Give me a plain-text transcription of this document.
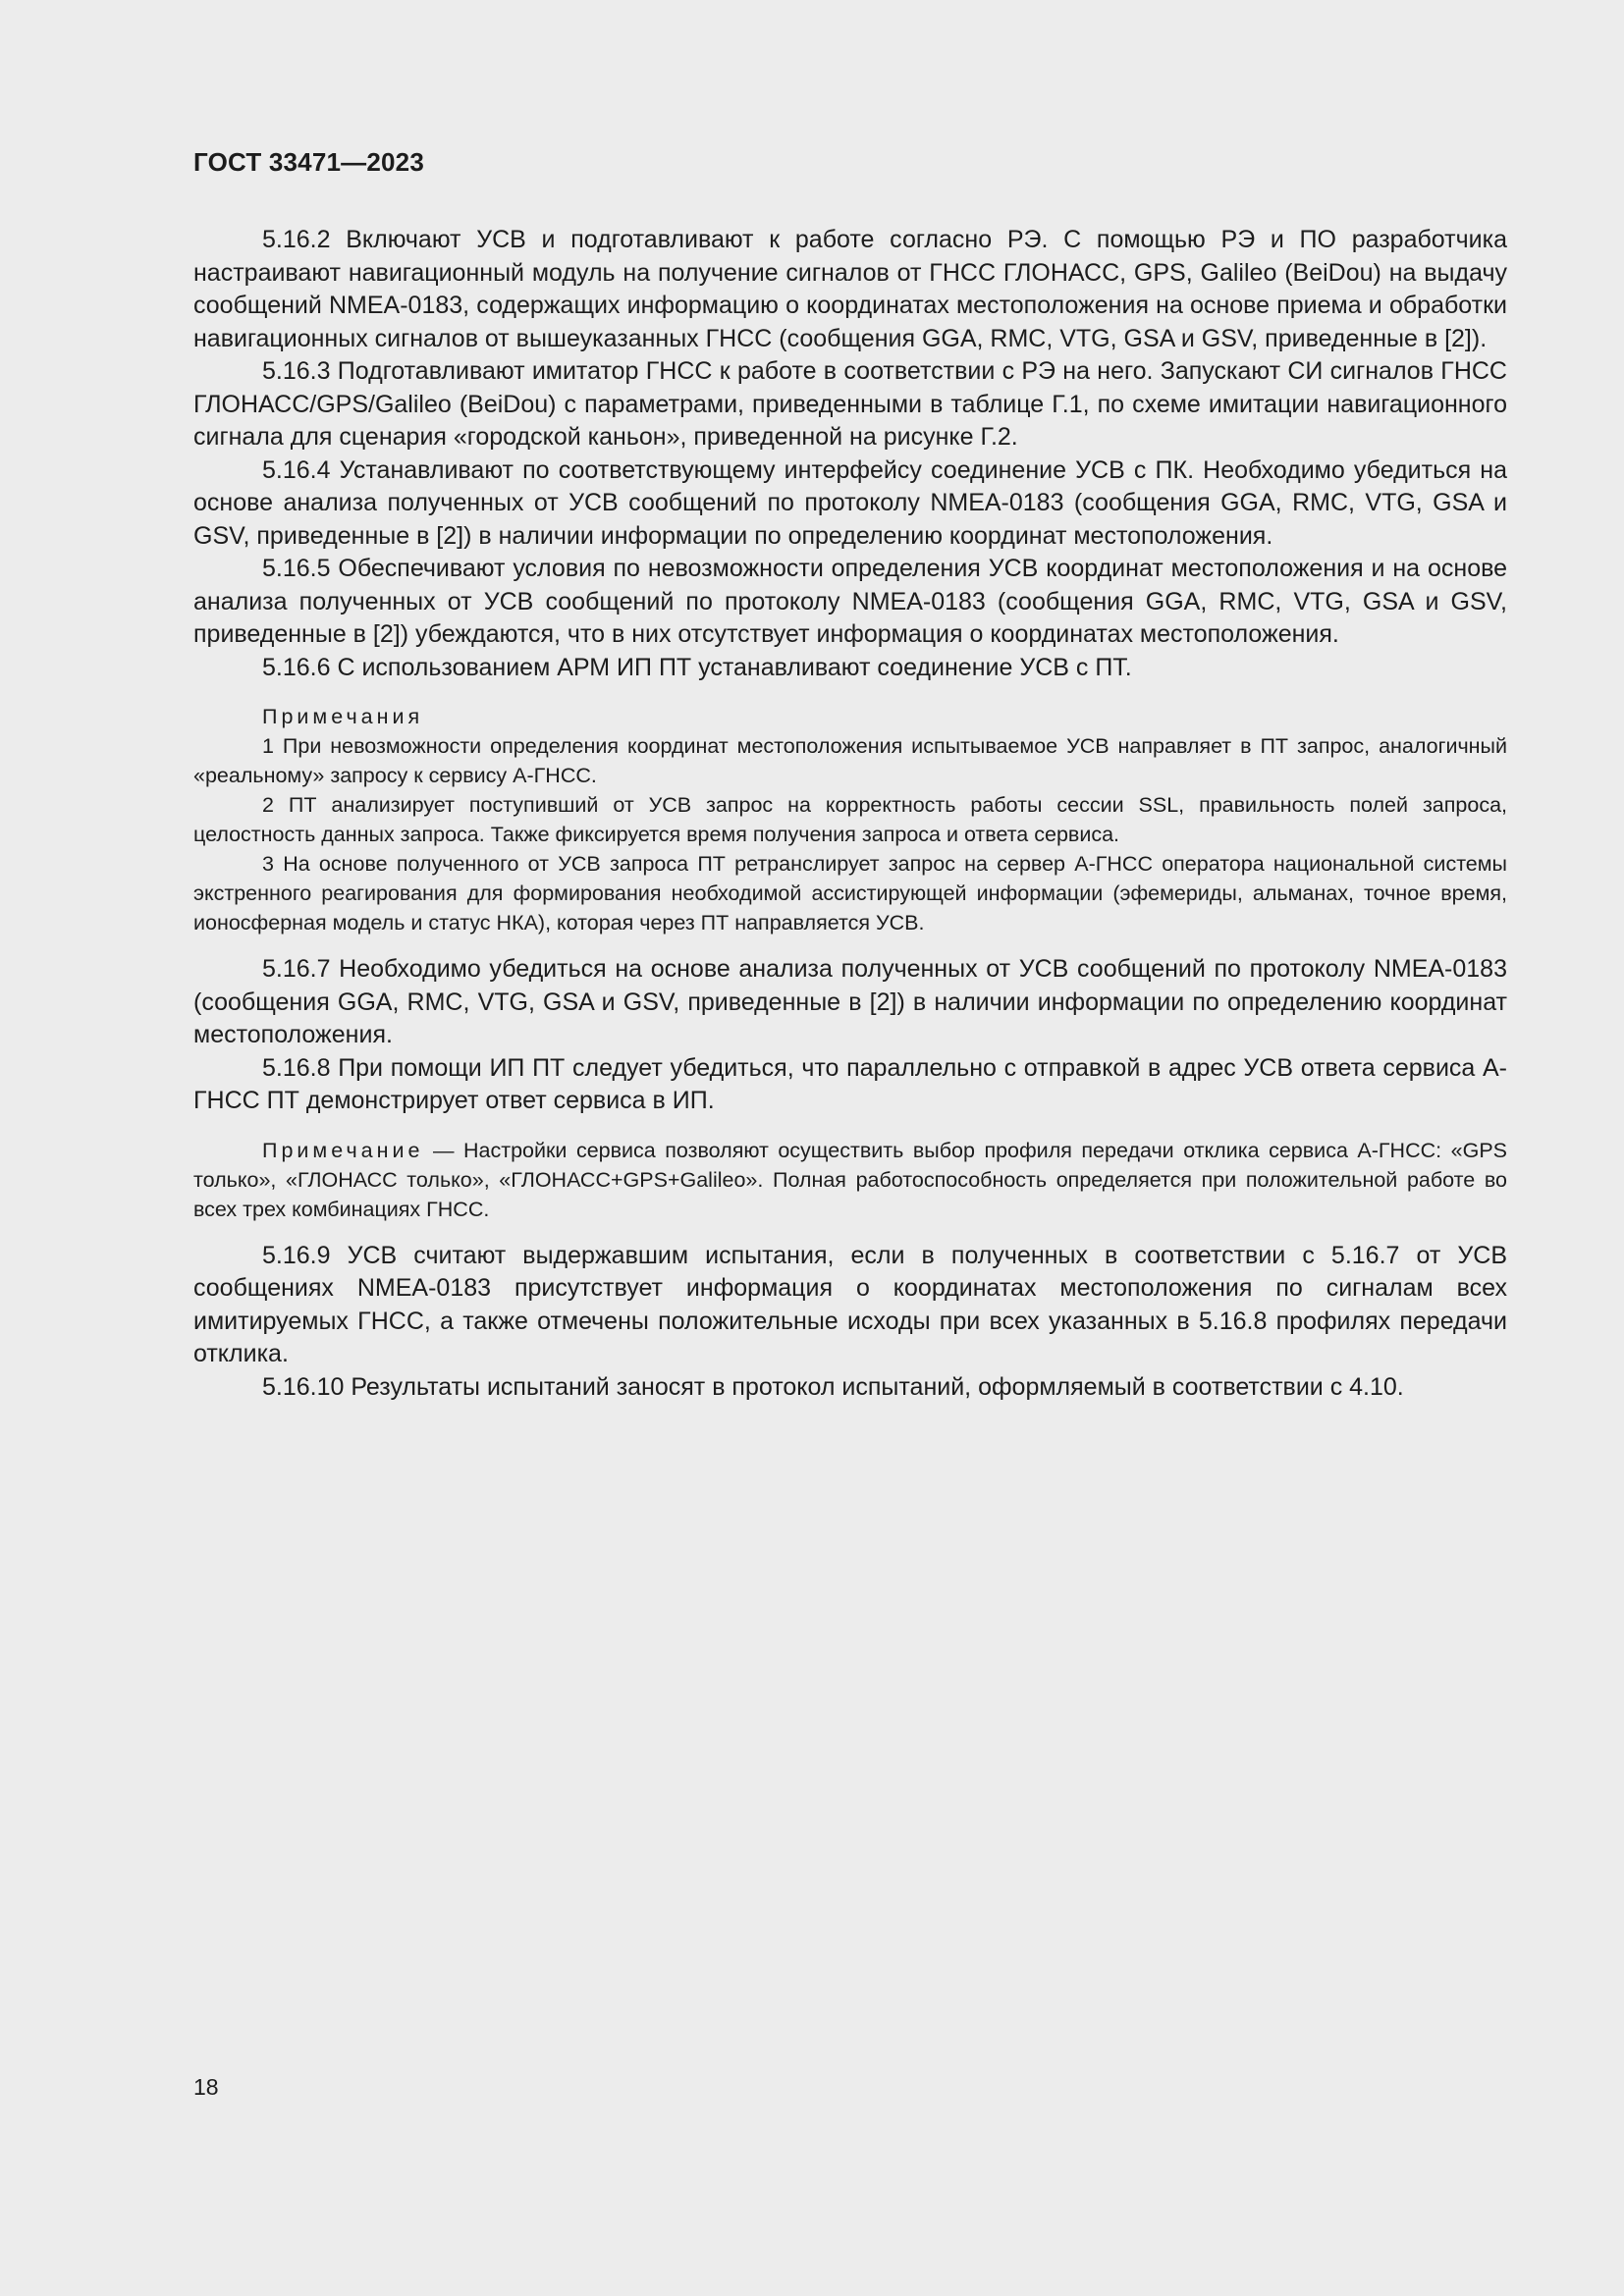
ГОСТ 33471—2023

5.16.2 Включают УСВ и подготавливают к работе согласно РЭ. С помощью РЭ и ПО разработчика настраивают навигационный модуль на получение сигналов от ГНСС ГЛОНАСС, GPS, Galileo (BeiDou) на выдачу сообщений NMEA-0183, содержащих информацию о координатах местоположения на основе приема и обработки навигационных сигналов от вышеуказанных ГНСС (сообщения GGA, RMC, VTG, GSA и GSV, приведенные в [2]).

5.16.3 Подготавливают имитатор ГНСС к работе в соответствии с РЭ на него. Запускают СИ сигналов ГНСС ГЛОНАСС/GPS/Galileo (BeiDou) с параметрами, приведенными в таблице Г.1, по схеме имитации навигационного сигнала для сценария «городской каньон», приведенной на рисунке Г.2.

5.16.4 Устанавливают по соответствующему интерфейсу соединение УСВ с ПК. Необходимо убедиться на основе анализа полученных от УСВ сообщений по протоколу NMEA-0183 (сообщения GGA, RMC, VTG, GSA и GSV, приведенные в [2]) в наличии информации по определению координат местоположения.

5.16.5 Обеспечивают условия по невозможности определения УСВ координат местоположения и на основе анализа полученных от УСВ сообщений по протоколу NMEA-0183 (сообщения GGA, RMC, VTG, GSA и GSV, приведенные в [2]) убеждаются, что в них отсутствует информация о координатах местоположения.

5.16.6 С использованием АРМ ИП ПТ устанавливают соединение УСВ с ПТ.

Примечания

1 При невозможности определения координат местоположения испытываемое УСВ направляет в ПТ запрос, аналогичный «реальному» запросу к сервису А-ГНСС.

2 ПТ анализирует поступивший от УСВ запрос на корректность работы сессии SSL, правильность полей запроса, целостность данных запроса. Также фиксируется время получения запроса и ответа сервиса.

3 На основе полученного от УСВ запроса ПТ ретранслирует запрос на сервер А-ГНСС оператора национальной системы экстренного реагирования для формирования необходимой ассистирующей информации (эфемериды, альманах, точное время, ионосферная модель и статус НКА), которая через ПТ направляется УСВ.

5.16.7 Необходимо убедиться на основе анализа полученных от УСВ сообщений по протоколу NMEA-0183 (сообщения GGA, RMC, VTG, GSA и GSV, приведенные в [2]) в наличии информации по определению координат местоположения.

5.16.8 При помощи ИП ПТ следует убедиться, что параллельно с отправкой в адрес УСВ ответа сервиса А-ГНСС ПТ демонстрирует ответ сервиса в ИП.

Примечание — Настройки сервиса позволяют осуществить выбор профиля передачи отклика сервиса А-ГНСС: «GPS только», «ГЛОНАСС только», «ГЛОНАСС+GPS+Galileo». Полная работоспособность определяется при положительной работе во всех трех комбинациях ГНСС.

5.16.9 УСВ считают выдержавшим испытания, если в полученных в соответствии с 5.16.7 от УСВ сообщениях NMEA-0183 присутствует информация о координатах местоположения по сигналам всех имитируемых ГНСС, а также отмечены положительные исходы при всех указанных в 5.16.8 профилях передачи отклика.

5.16.10 Результаты испытаний заносят в протокол испытаний, оформляемый в соответствии с 4.10.

18
